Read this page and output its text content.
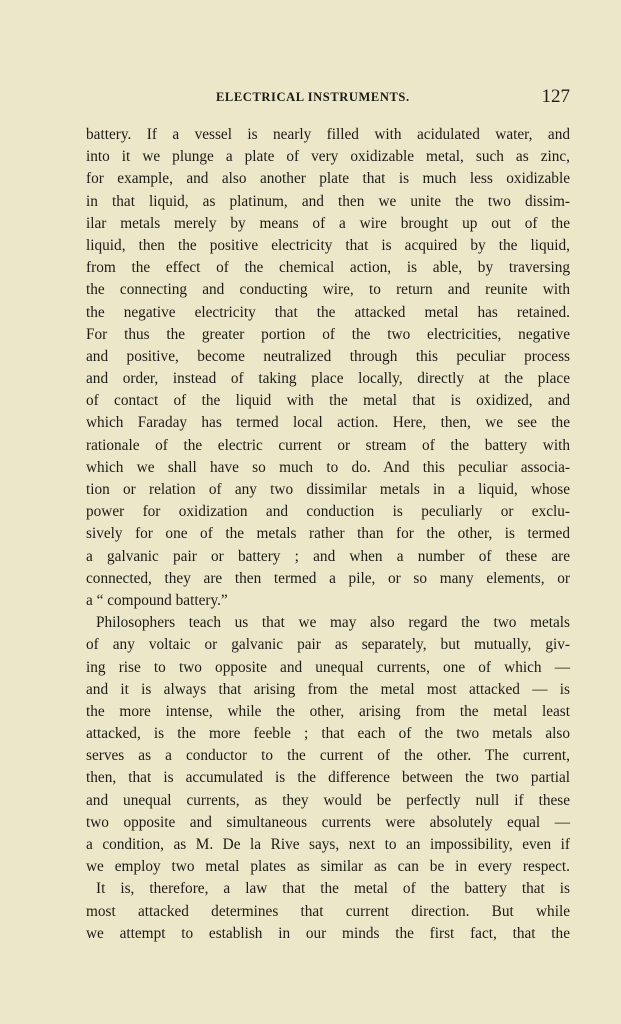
ELECTRICAL INSTRUMENTS.	127
battery. If a vessel is nearly filled with acidulated water, and
into it we plunge a plate of very oxidizable metal, such as zinc,
for example, and also another plate that is much less oxidizable
in that liquid, as platinum, and then we unite the two dissim-
ilar metals merely by means of a wire brought up out of the
liquid, then the positive electricity that is acquired by the liquid,
from the effect of the chemical action, is able, by traversing
the connecting and conducting wire, to return and reunite with
the negative electricity that the attacked metal has retained.
For thus the greater portion of the two electricities, negative
and positive, become neutralized through this peculiar process
and order, instead of taking place locally, directly at the place
of contact of the liquid with the metal that is oxidized, and
which Faraday has termed local action. Here, then, we see the
rationale of the electric current or stream of the battery with
which we shall have so much to do. And this peculiar associa-
tion or relation of any two dissimilar metals in a liquid, whose
power for oxidization and conduction is peculiarly or exclu-
sively for one of the metals rather than for the other, is termed
a galvanic pair or battery ; and when a number of these are
connected, they are then termed a pile, or so many elements, or
a “ compound battery.”
Philosophers teach us that we may also regard the two metals
of any voltaic or galvanic pair as separately, but mutually, giv-
ing rise to two opposite and unequal currents, one of which —
and it is always that arising from the metal most attacked — is
the more intense, while the other, arising from the metal least
attacked, is the more feeble ; that each of the two metals also
serves as a conductor to the current of the other. The current,
then, that is accumulated is the difference between the two partial
and unequal currents, as they would be perfectly null if these
two opposite and simultaneous currents were absolutely equal —
a condition, as M. De la Rive says, next to an impossibility, even if
we employ two metal plates as similar as can be in every respect.
It is, therefore, a law that the metal of the battery that is
most attacked determines that current direction. But while
we attempt to establish in our minds the first fact, that the
